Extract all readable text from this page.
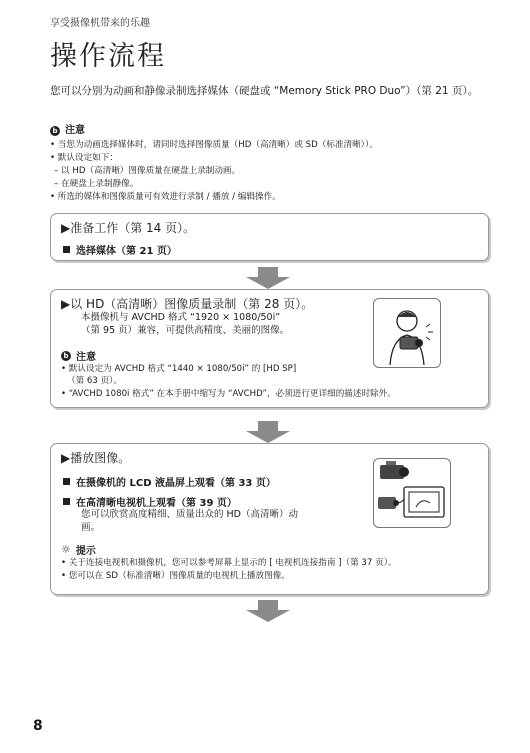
享受摄像机带来的乐趣
操作流程
您可以分别为动画和静像录制选择媒体（硬盘或 “Memory Stick PRO Duo”）（第 21 页）。
b 注意
• 当您为动画选择媒体时，请同时选择图像质量（HD（高清晰）或 SD（标准清晰））。
• 默认设定如下：
– 以 HD（高清晰）图像质量在硬盘上录制动画。
– 在硬盘上录制静像。
• 所选的媒体和图像质量可有效进行录制 / 播放 / 编辑操作。
▶准备工作（第 14 页）。
选择媒体（第 21 页）
▶以 HD（高清晰）图像质量录制（第 28 页）。
本摄像机与 AVCHD 格式 “1920 × 1080/50i”
（第 95 页）兼容，可提供高精度、美丽的图像。
b 注意
• 默认设定为 AVCHD 格式 “1440 × 1080/50i” 的 [HD SP]
（第 63 页）。
• “AVCHD 1080i 格式” 在本手册中缩写为 “AVCHD”，必须进行更详细的描述时除外。
▶播放图像。
在摄像机的 LCD 液晶屏上观看（第 33 页）
在高清晰电视机上观看（第 39 页）
您可以欣赏高度精细、质量出众的 HD（高清晰）动
画。
☼ 提示
• 关于连接电视机和摄像机，您可以参考屏幕上显示的 [ 电视机连接指南 ]（第 37 页）。
• 您可以在 SD（标准清晰）图像质量的电视机上播放图像。
8
